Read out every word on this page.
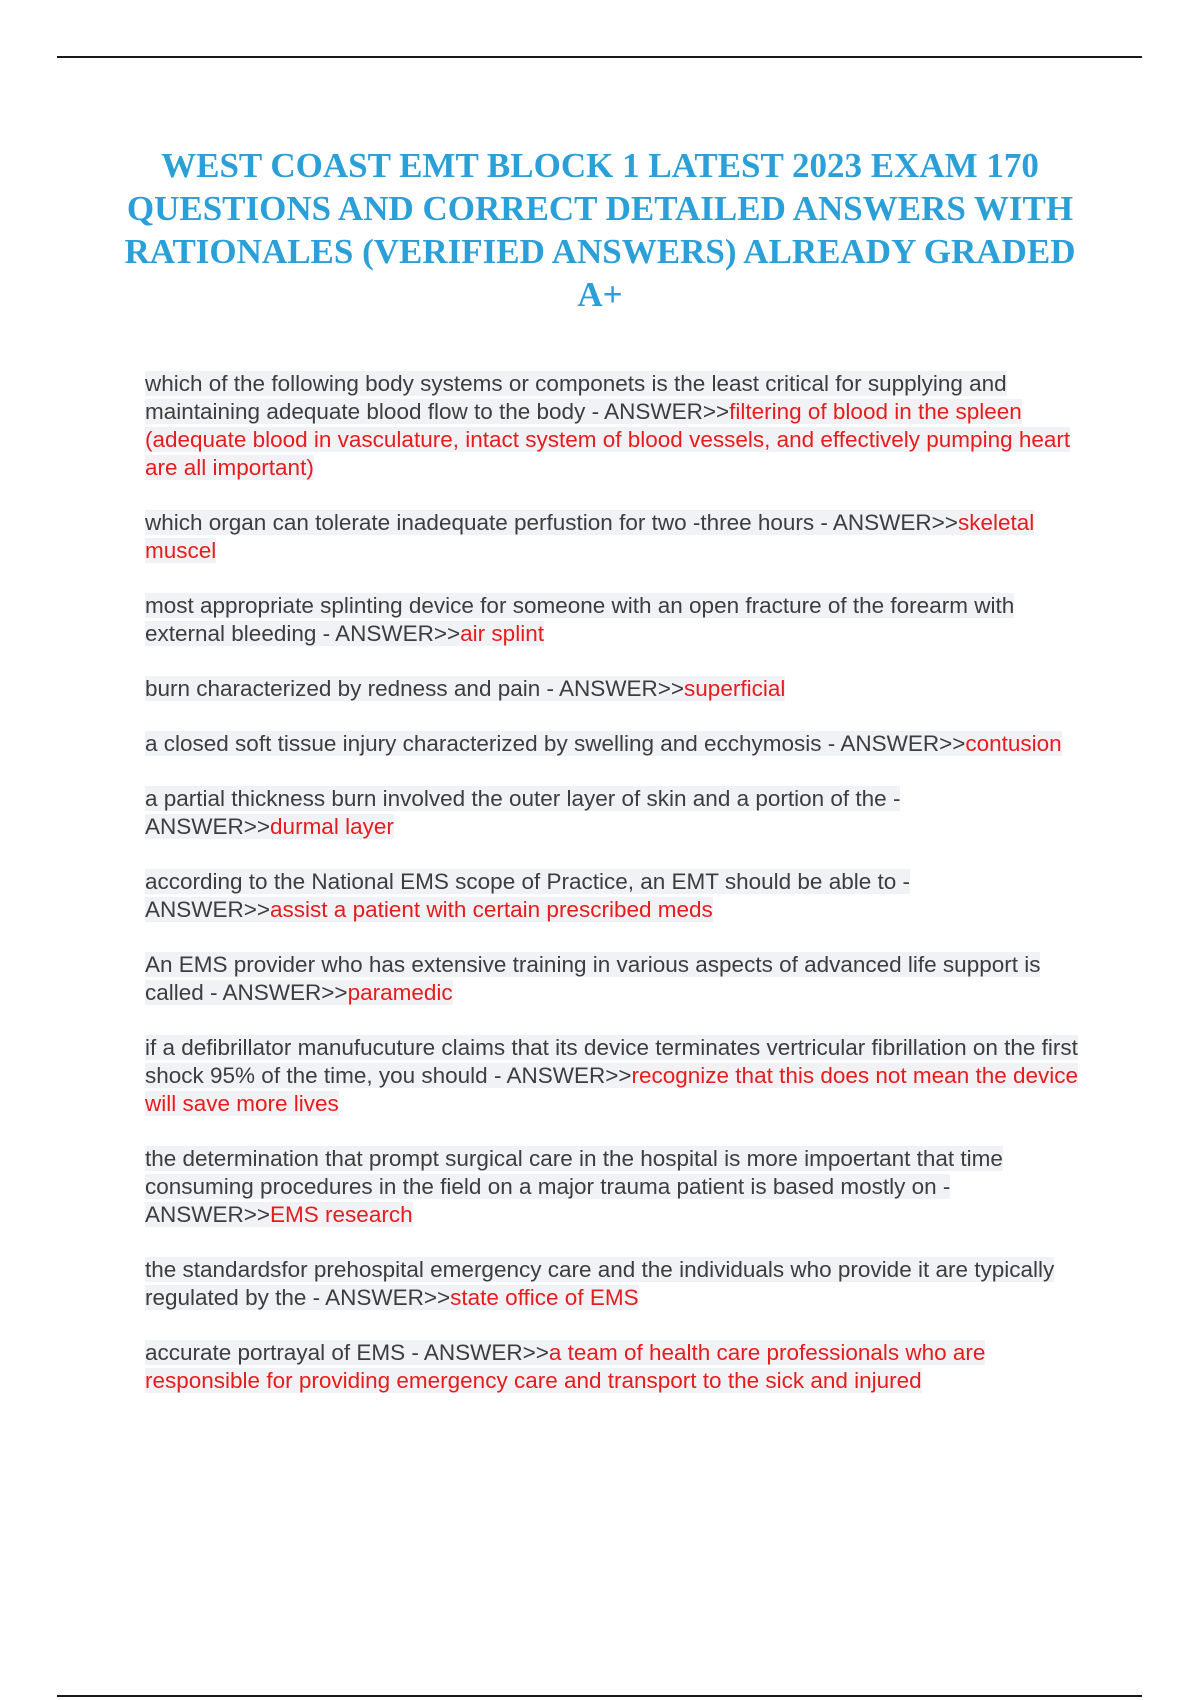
WEST COAST EMT BLOCK 1 LATEST 2023 EXAM 170 QUESTIONS AND CORRECT DETAILED ANSWERS WITH RATIONALES (VERIFIED ANSWERS) ALREADY GRADED A+
which of the following body systems or componets is the least critical for supplying and maintaining adequate blood flow to the body - ANSWER>>filtering of blood in the spleen (adequate blood in vasculature, intact system of blood vessels, and effectively pumping heart are all important)
which organ can tolerate inadequate perfustion for two -three hours - ANSWER>>skeletal muscel
most appropriate splinting device for someone with an open fracture of the forearm with external bleeding - ANSWER>>air splint
burn characterized by redness and pain - ANSWER>>superficial
a closed soft tissue injury characterized by swelling and ecchymosis - ANSWER>>contusion
a partial thickness burn involved the outer layer of skin and a portion of the - ANSWER>>durmal layer
according to the National EMS scope of Practice, an EMT should be able to - ANSWER>>assist a patient with certain prescribed meds
An EMS provider who has extensive training in various aspects of advanced life support is called - ANSWER>>paramedic
if a defibrillator manufucuture claims that its device terminates vertricular fibrillation on the first shock 95% of the time, you should - ANSWER>>recognize that this does not mean the device will save more lives
the determination that prompt surgical care in the hospital is more impoertant that time consuming procedures in the field on a major trauma patient is based mostly on - ANSWER>>EMS research
the standardsfor prehospital emergency care and the individuals who provide it are typically regulated by the - ANSWER>>state office of EMS
accurate portrayal of EMS - ANSWER>>a team of health care professionals who are responsible for providing emergency care and transport to the sick and injured
